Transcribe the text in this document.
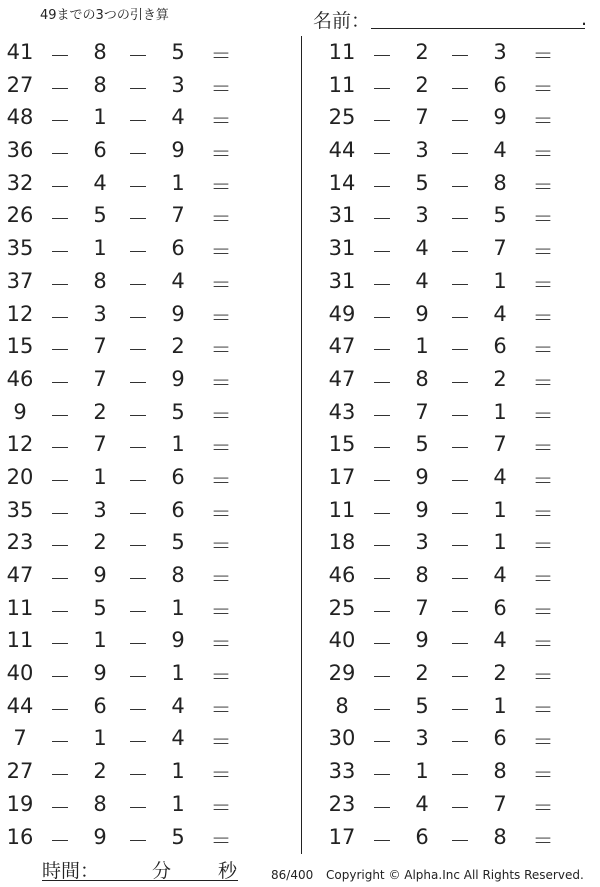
49までの3つの引き算	名前：	.
41 － 8 － 5 ＝
27 － 8 － 3 ＝
48 － 1 － 4 ＝
36 － 6 － 9 ＝
32 － 4 － 1 ＝
26 － 5 － 7 ＝
35 － 1 － 6 ＝
37 － 8 － 4 ＝
12 － 3 － 9 ＝
15 － 7 － 2 ＝
46 － 7 － 9 ＝
9	－ 2 － 5 ＝
12 － 7 － 1 ＝
20 － 1 － 6 ＝
35 － 3 － 6 ＝
23 － 2 － 5 ＝
47 － 9 － 8 ＝
11 － 5 － 1 ＝
11 － 1 － 9 ＝
40 － 9 － 1 ＝
44 － 6 － 4 ＝
7	－ 1 － 4 ＝
27 － 2 － 1 ＝
19 － 8 － 1 ＝
16 － 9 － 5 ＝
11 － 2 － 3 ＝
11 － 2 － 6 ＝
25 － 7 － 9 ＝
44 － 3 － 4 ＝
14 － 5 － 8 ＝
31 － 3 － 5 ＝
31 － 4 － 7 ＝
31 － 4 － 1 ＝
49 － 9 － 4 ＝
47 － 1 － 6 ＝
47 － 8 － 2 ＝
43 － 7 － 1 ＝
15 － 5 － 7 ＝
17 － 9 － 4 ＝
11 － 9 － 1 ＝
18 － 3 － 1 ＝
46 － 8 － 4 ＝
25 － 7 － 6 ＝
40 － 9 － 4 ＝
29 － 2 － 2 ＝
8	－ 5 － 1 ＝
30 － 3 － 6 ＝
33 － 1 － 8 ＝
23 － 4 － 7 ＝
17 － 6 － 8 ＝
時間：	分 秒	86/400 Copyright © Alpha.Inc All Rights Reserved.
